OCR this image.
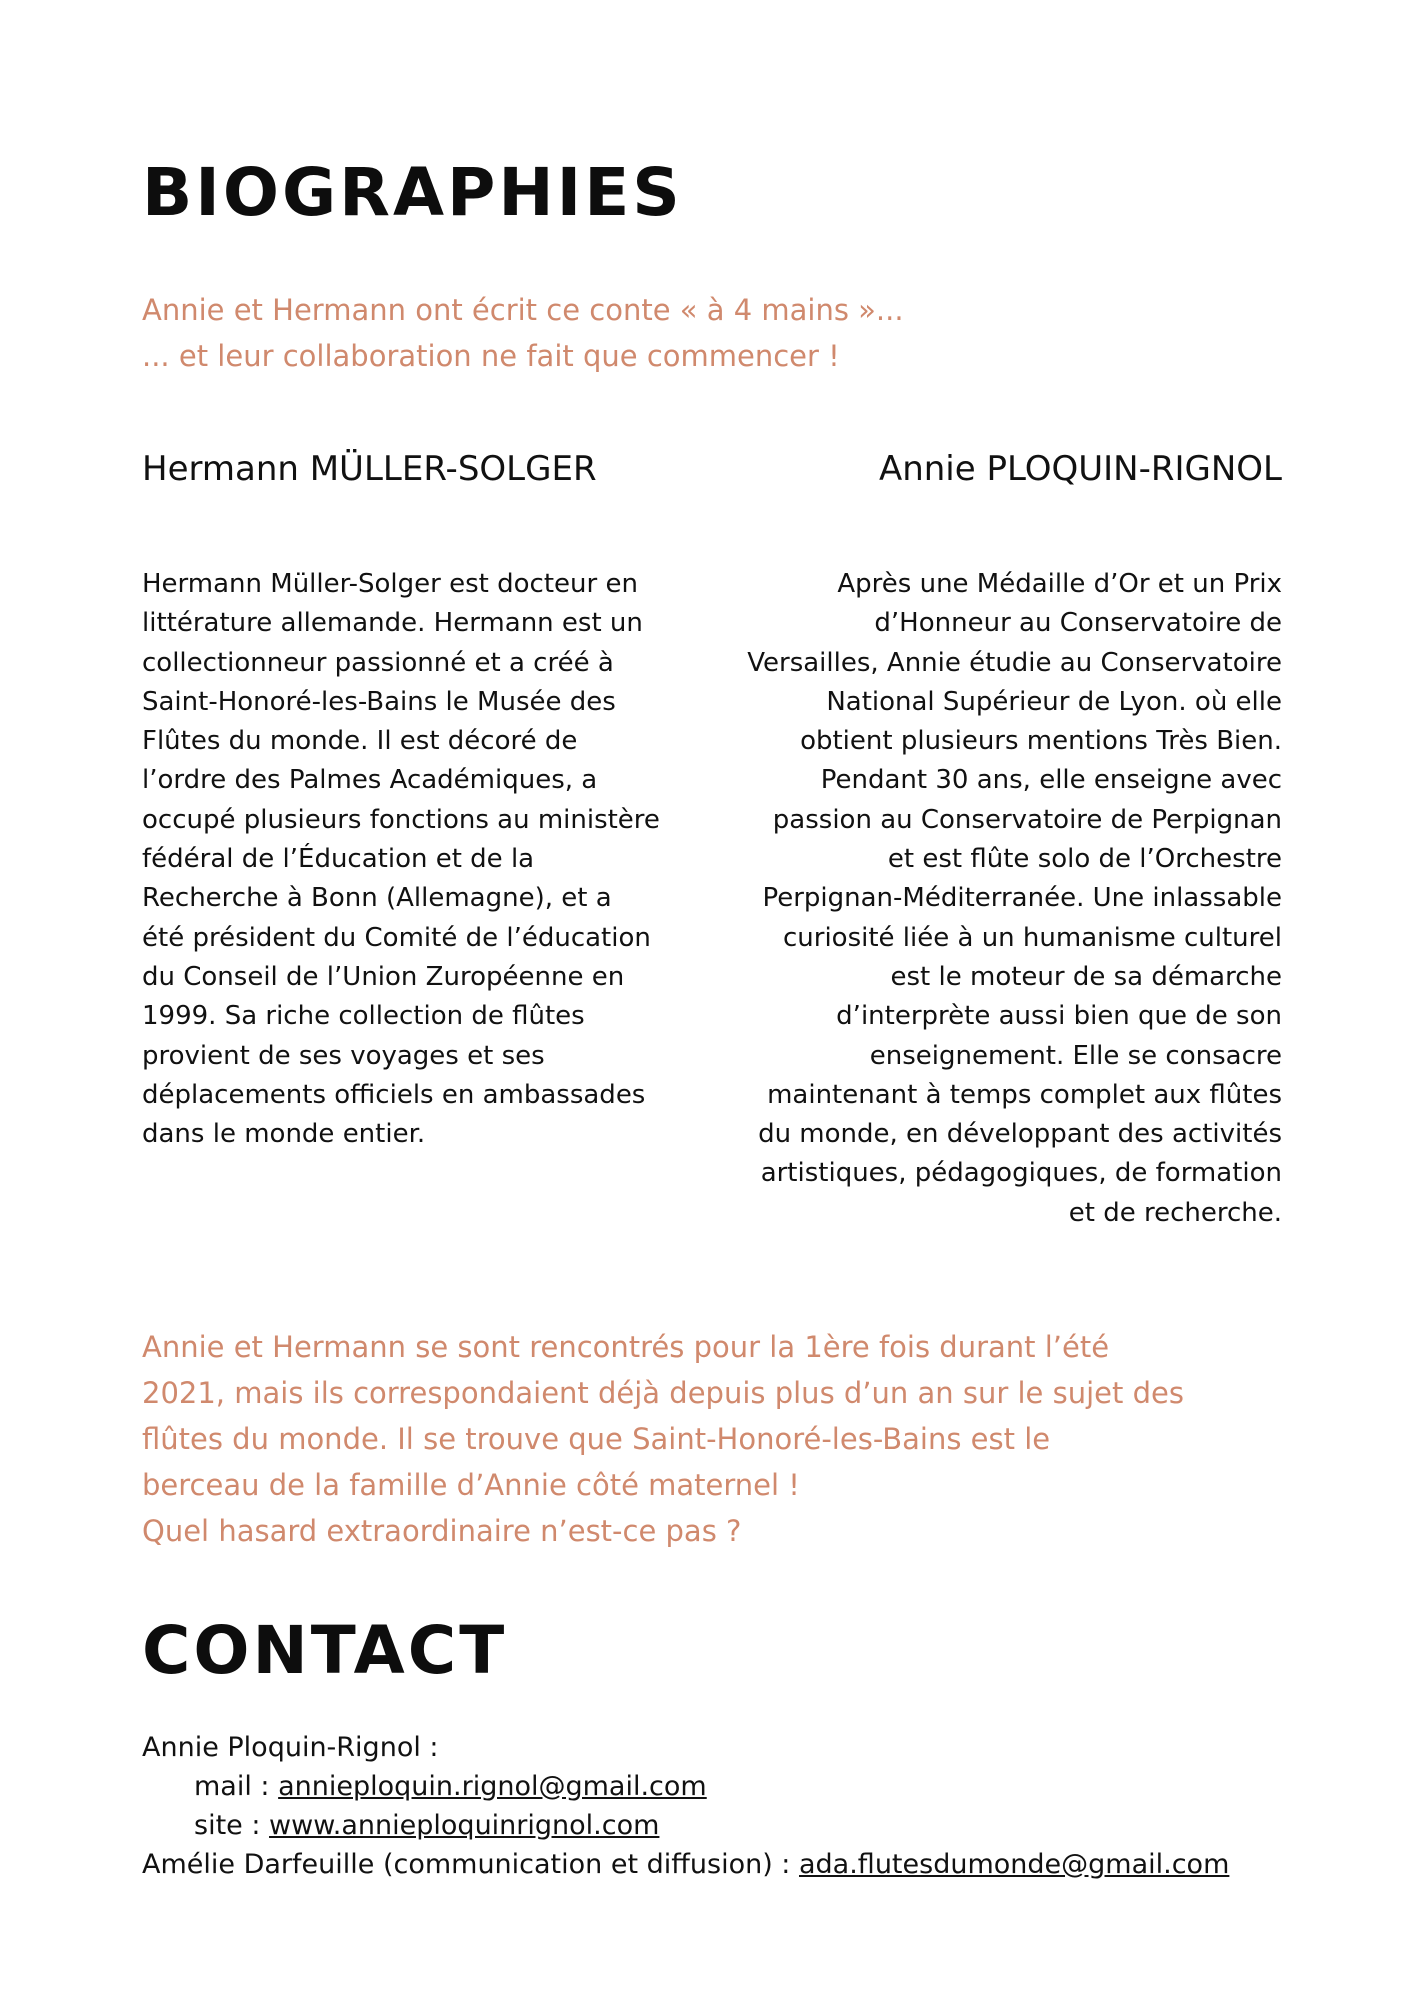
BIOGRAPHIES

Annie et Hermann ont écrit ce conte « à 4 mains »...
... et leur collaboration ne fait que commencer !

Hermann MÜLLER-SOLGER	Annie PLOQUIN-RIGNOL

Hermann Müller-Solger est docteur en littérature allemande. Hermann est un collectionneur passionné et a créé à Saint-Honoré-les-Bains le Musée des Flûtes du monde. Il est décoré de l’ordre des Palmes Académiques, a occupé plusieurs fonctions au ministère fédéral de l’Éducation et de la Recherche à Bonn (Allemagne), et a été président du Comité de l’éducation du Conseil de l’Union Zuropéenne en 1999. Sa riche collection de flûtes provient de ses voyages et ses déplacements officiels en ambassades dans le monde entier.

Après une Médaille d’Or et un Prix d’Honneur au Conservatoire de Versailles, Annie étudie au Conservatoire National Supérieur de Lyon. où elle obtient plusieurs mentions Très Bien. Pendant 30 ans, elle enseigne avec passion au Conservatoire de Perpignan et est flûte solo de l’Orchestre Perpignan-Méditerranée. Une inlassable curiosité liée à un humanisme culturel est le moteur de sa démarche d’interprète aussi bien que de son enseignement. Elle se consacre maintenant à temps complet aux flûtes du monde, en développant des activités artistiques, pédagogiques, de formation et de recherche.

Annie et Hermann se sont rencontrés pour la 1ère fois durant l’été
2021, mais ils correspondaient déjà depuis plus d’un an sur le sujet des
flûtes du monde. Il se trouve que Saint-Honoré-les-Bains est le
berceau de la famille d’Annie côté maternel !
Quel hasard extraordinaire n’est-ce pas ?

CONTACT
Annie Ploquin-Rignol :
mail : annieploquin.rignol@gmail.com
site : www.annieploquinrignol.com
Amélie Darfeuille (communication et diffusion) : ada.flutesdumonde@gmail.com
